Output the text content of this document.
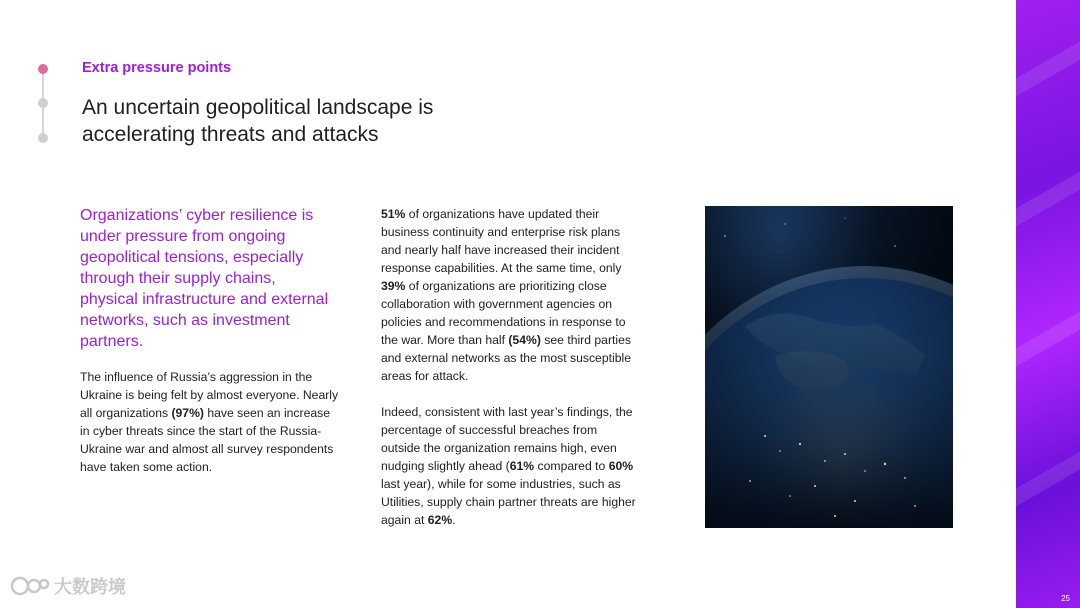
Extra pressure points
An uncertain geopolitical landscape is accelerating threats and attacks
Organizations’ cyber resilience is under pressure from ongoing geopolitical tensions, especially through their supply chains, physical infrastructure and external networks, such as investment partners.

The influence of Russia’s aggression in the Ukraine is being felt by almost everyone. Nearly all organizations (97%) have seen an increase in cyber threats since the start of the Russia-Ukraine war and almost all survey respondents have taken some action.

51% of organizations have updated their business continuity and enterprise risk plans and nearly half have increased their incident response capabilities. At the same time, only 39% of organizations are prioritizing close collaboration with government agencies on policies and recommendations in response to the war. More than half (54%) see third parties and external networks as the most susceptible areas for attack.

Indeed, consistent with last year’s findings, the percentage of successful breaches from outside the organization remains high, even nudging slightly ahead (61% compared to 60% last year), while for some industries, such as Utilities, supply chain partner threats are higher again at 62%.

25
大数跨境
